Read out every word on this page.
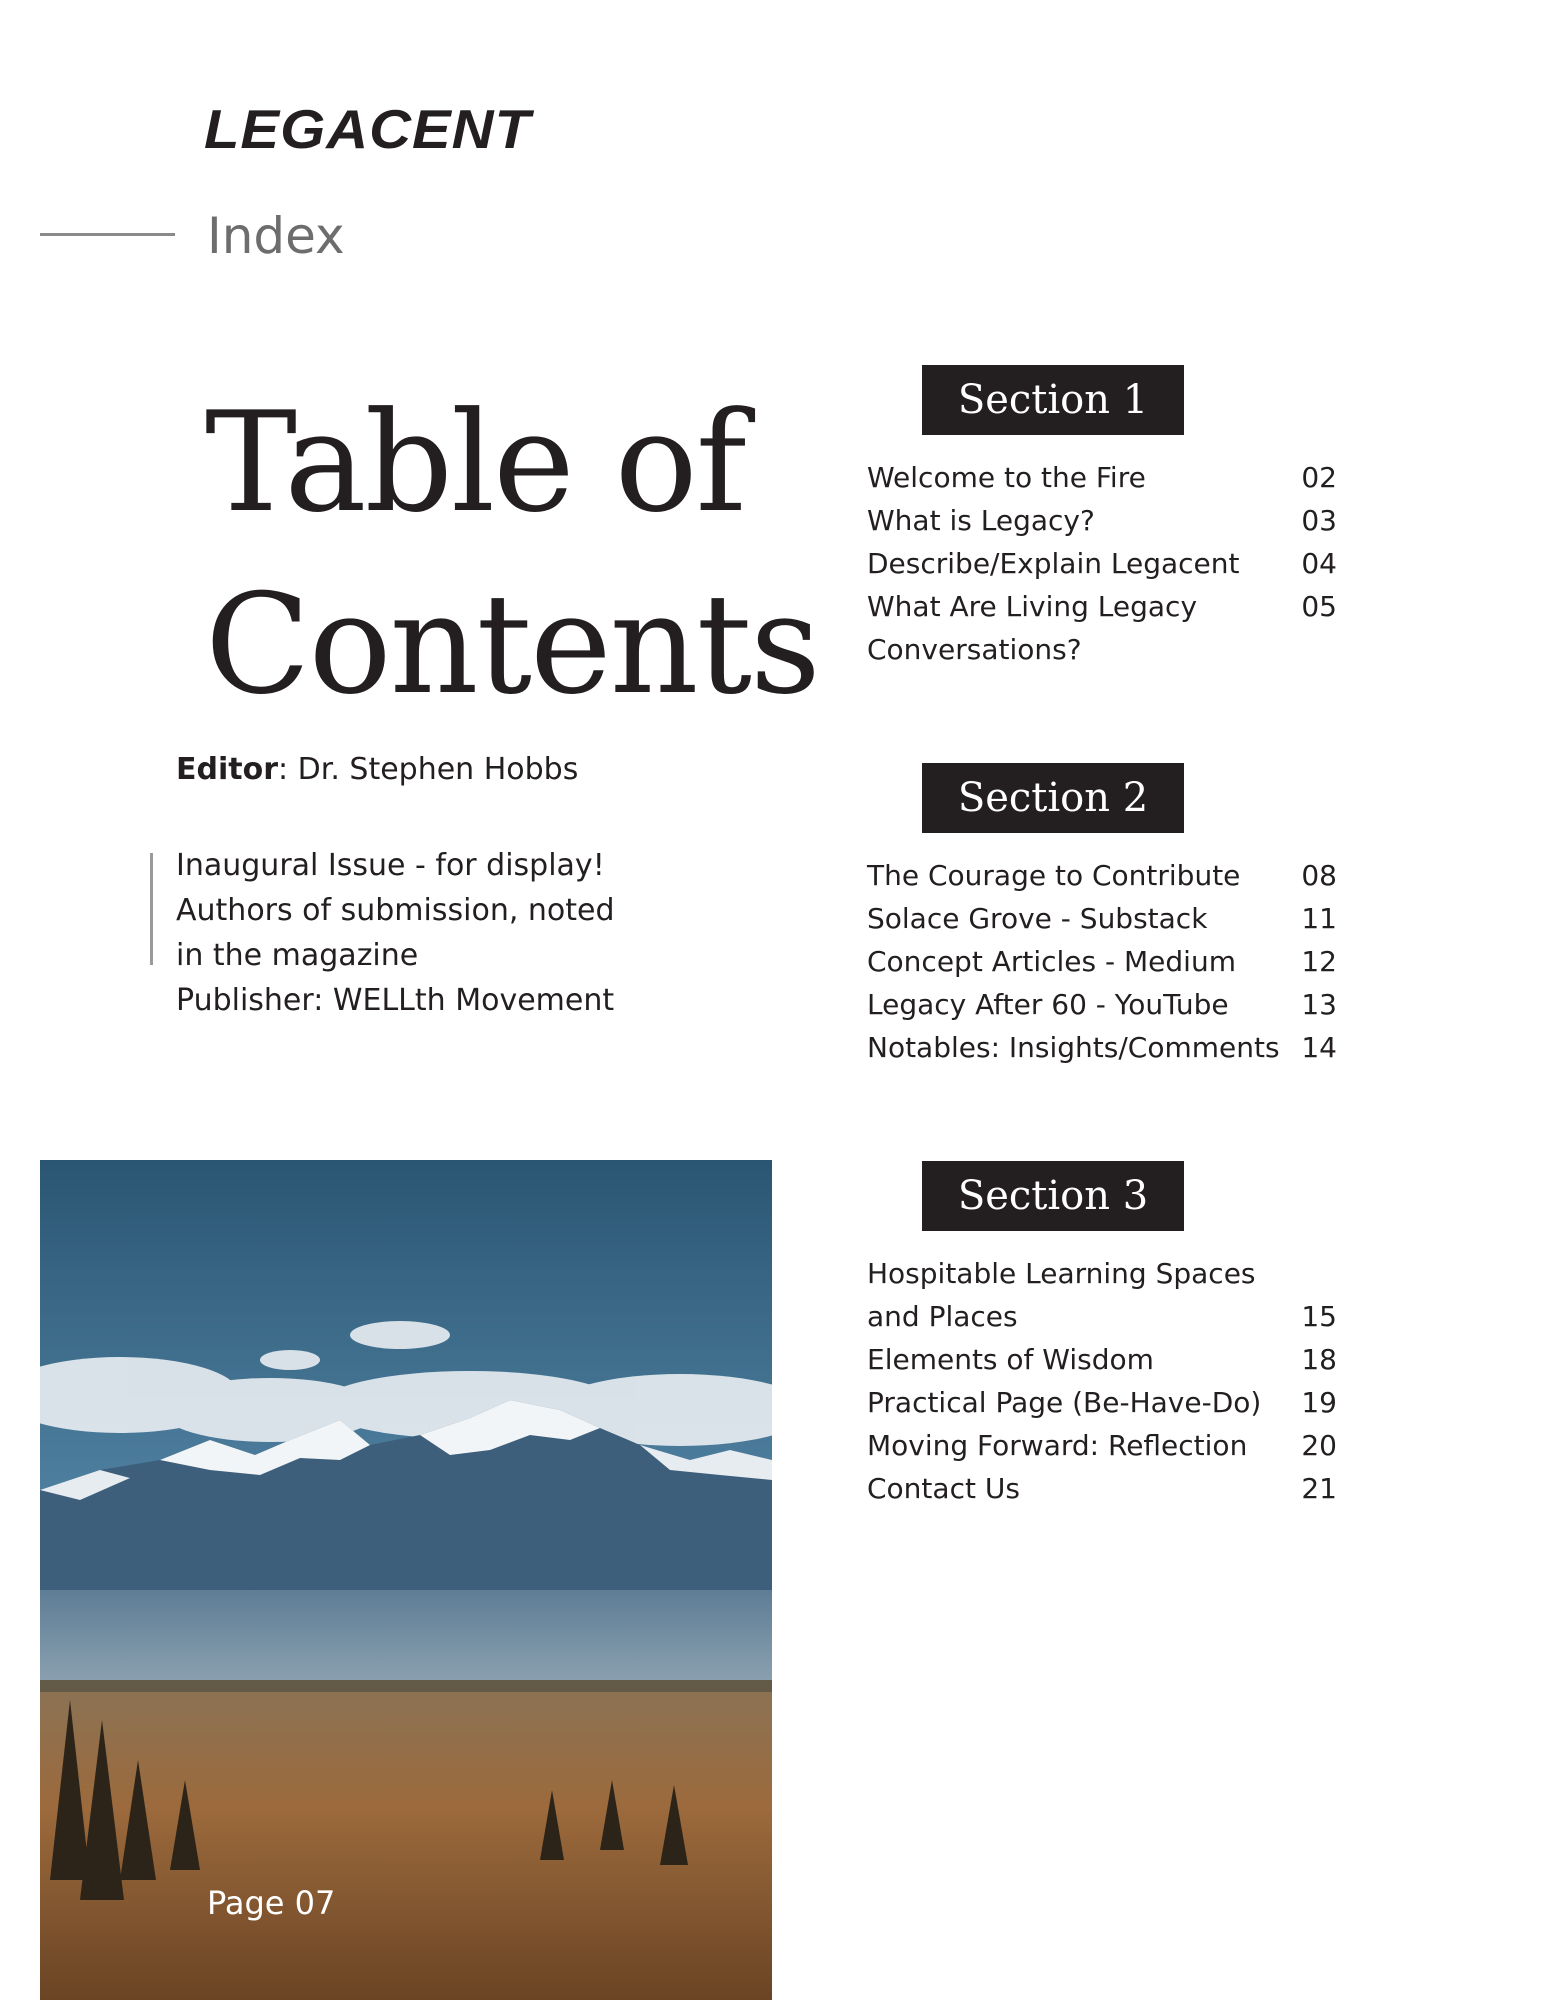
LEGACENT
Index
Table of
Contents
Editor: Dr. Stephen Hobbs
Inaugural Issue - for display!
Authors of submission, noted
in the magazine
Publisher: WELLth Movement
Page 07
Section 1
Welcome to the Fire	02
What is Legacy?	03
Describe/Explain Legacent	04
What Are Living Legacy	05
Conversations?
Section 2
The Courage to Contribute	08
Solace Grove - Substack	11
Concept Articles - Medium	12
Legacy After 60 - YouTube	13
Notables: Insights/Comments 14
Section 3
Hospitable Learning Spaces
and Places	15
Elements of Wisdom	18
Practical Page (Be-Have-Do)	19
Moving Forward: Reflection	20
Contact Us	21
